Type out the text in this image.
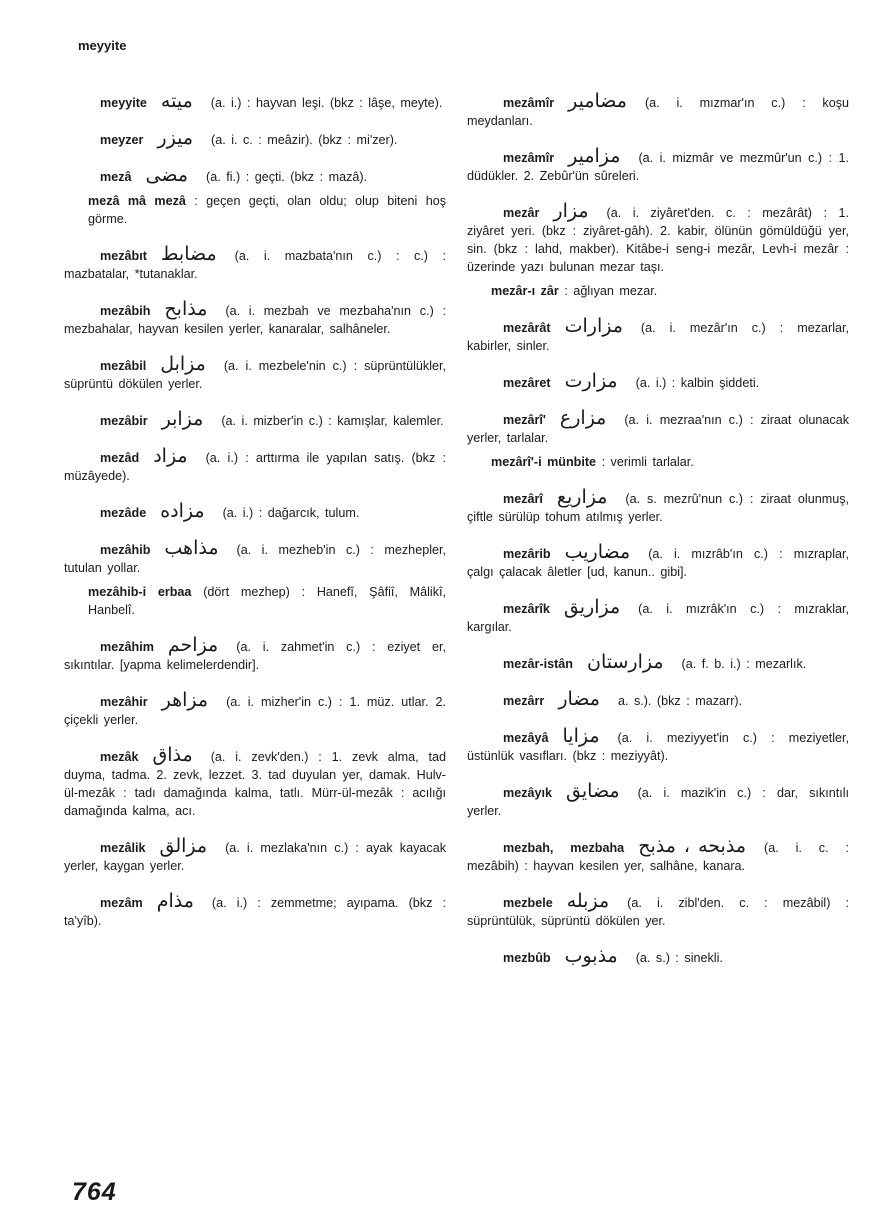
meyyite
meyyite میته (a. i.) : hayvan leşi. (bkz : lâşe, meyte).
meyzer میزر (a. i. c. : meâzir). (bkz : mi'zer).
mezâ مضى (a. fi.) : geçti. (bkz : mazâ).
mezâ mâ mezâ : geçen geçti, olan oldu; olup biteni hoş görme.
mezâbıt مضابط (a. i. mazbata'nın c.) : c.) : mazbatalar, *tutanaklar.
mezâbih مذابح (a. i. mezbah ve mezbaha'nın c.) : mezbahalar, hayvan kesilen yerler, kanaralar, salhâneler.
mezâbil مزابل (a. i. mezbele'nin c.) : süprüntülükler, süprüntü dökülen yerler.
mezâbir مزابر (a. i. mizber'in c.) : kamışlar, kalemler.
mezâd مزاد (a. i.) : arttırma ile yapılan satış. (bkz : müzâyede).
mezâde مزاده (a. i.) : dağarcık, tulum.
mezâhib مذاهب (a. i. mezheb'in c.) : mezhepler, tutulan yollar.
mezâhib-i erbaa (dört mezhep) : Hanefî, Şâfiî, Mâlikî, Hanbelî.
mezâhim مزاحم (a. i. zahmet'in c.) : eziyet er, sıkıntılar. [yapma kelimelerdendir].
mezâhir مزاهر (a. i. mizher'in c.) : 1. müz. utlar. 2. çiçekli yerler.
mezâk مذاق (a. i. zevk'den.) : 1. zevk alma, tad duyma, tadma. 2. zevk, lezzet. 3. tad duyulan yer, damak. Hulv-ül-mezâk : tadı damağında kalma, tatlı. Mürr-ül-mezâk : acılığı damağında kalma, acı.
mezâlik مزالق (a. i. mezlaka'nın c.) : ayak kayacak yerler, kaygan yerler.
mezâm مذام (a. i.) : zemmetme; ayıpama. (bkz : ta'yîb).
mezâmîr مضامیر (a. i. mızmar'ın c.) : koşu meydanları.
mezâmîr مزامیر (a. i. mizmâr ve mezmûr'un c.) : 1. düdükler. 2. Zebûr'ün sûreleri.
mezâr مزار (a. i. ziyâret'den. c. : mezârât) : 1. ziyâret yeri. (bkz : ziyâret-gâh). 2. kabir, ölünün gömüldüğü yer, sin. (bkz : lahd, makber). Kitâbe-i seng-i mezâr, Levh-i mezâr : üzerinde yazı bulunan mezar taşı.
mezâr-ı zâr : ağlıyan mezar.
mezârât مزارات (a. i. mezâr'ın c.) : mezarlar, kabirler, sinler.
mezâret مزارت (a. i.) : kalbin şiddeti.
mezârî' مزارع (a. i. mezraa'nın c.) : ziraat olunacak yerler, tarlalar.
mezârî'-i münbite : verimli tarlalar.
mezârî مزاریع (a. s. mezrû'nun c.) : ziraat olunmuş, çiftle sürülüp tohum atılmış yerler.
mezârib مضاریب (a. i. mızrâb'ın c.) : mızraplar, çalgı çalacak âletler [ud, kanun.. gibi].
mezârîk مزاریق (a. i. mızrâk'ın c.) : mızraklar, kargılar.
mezâr-istân مزارستان (a. f. b. i.) : mezarlık.
mezârr مضار a. s.). (bkz : mazarr).
mezâyâ مزایا (a. i. meziyyet'in c.) : meziyetler, üstünlük vasıfları. (bkz : meziyyât).
mezâyık مضایق (a. i. mazik'in c.) : dar, sıkıntılı yerler.
mezbah, mezbaha مذبحه ، مذبح (a. i. c. : mezâbih) : hayvan kesilen yer, salhâne, kanara.
mezbele مزبله (a. i. zibl'den. c. : mezâbil) : süprüntülük, süprüntü dökülen yer.
mezbûb مذبوب (a. s.) : sinekli.
764
